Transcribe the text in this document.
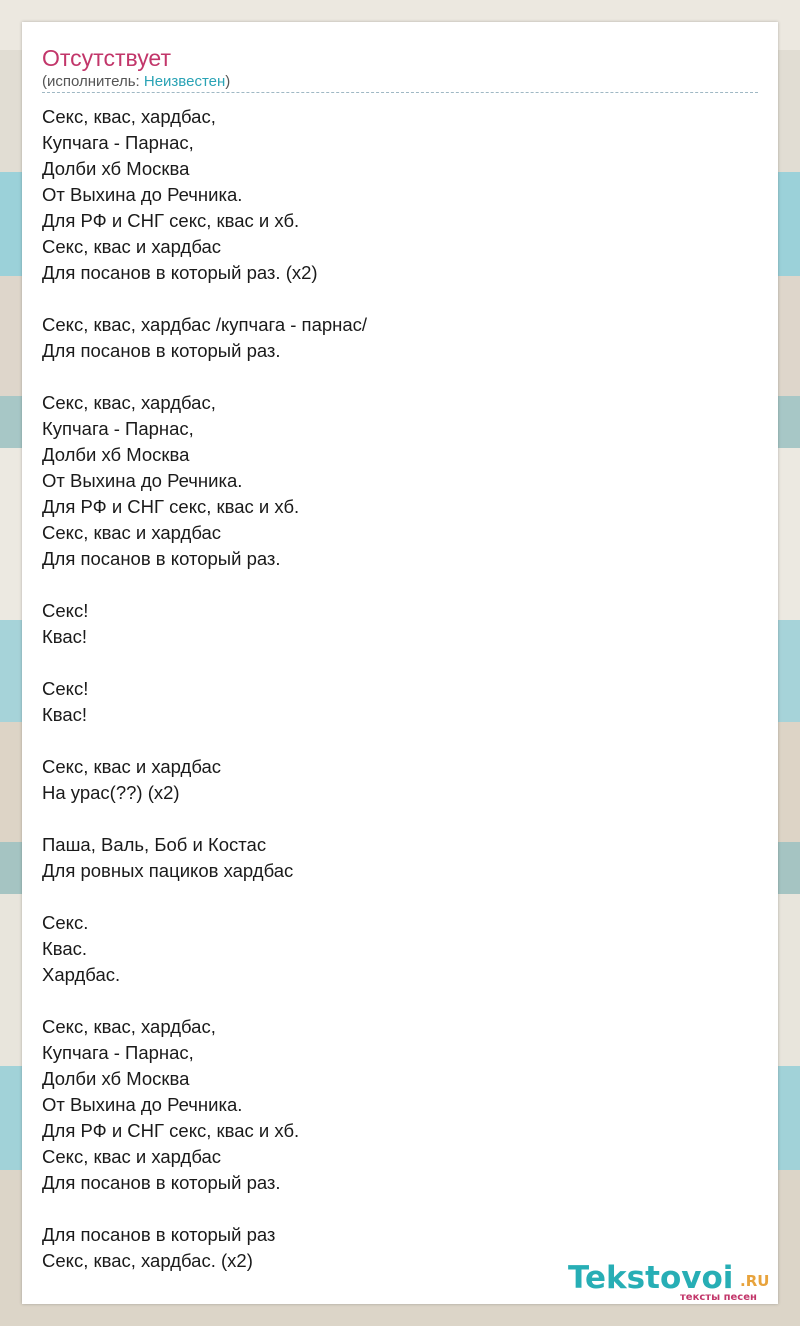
Отсутствует
(исполнитель: Неизвестен)
Секс, квас, хардбас,
Купчага - Парнас,
Долби хб Москва
От Выхина до Речника.
Для РФ и СНГ секс, квас и хб.
Секс, квас и хардбас
Для посанов в который раз. (x2)
Секс, квас, хардбас /купчага - парнас/
Для посанов в который раз.
Секс, квас, хардбас,
Купчага - Парнас,
Долби хб Москва
От Выхина до Речника.
Для РФ и СНГ секс, квас и хб.
Секс, квас и хардбас
Для посанов в который раз.
Секс!
Квас!
Секс!
Квас!
Секс, квас и хардбас
На урас(??) (x2)
Паша, Валь, Боб и Костас
Для ровных пациков хардбас
Секс.
Квас.
Хардбас.
Секс, квас, хардбас,
Купчага - Парнас,
Долби хб Москва
От Выхина до Речника.
Для РФ и СНГ секс, квас и хб.
Секс, квас и хардбас
Для посанов в который раз.
Для посанов в который раз
Секс, квас, хардбас. (x2)	Tekstovoi .RU
тексты песен
